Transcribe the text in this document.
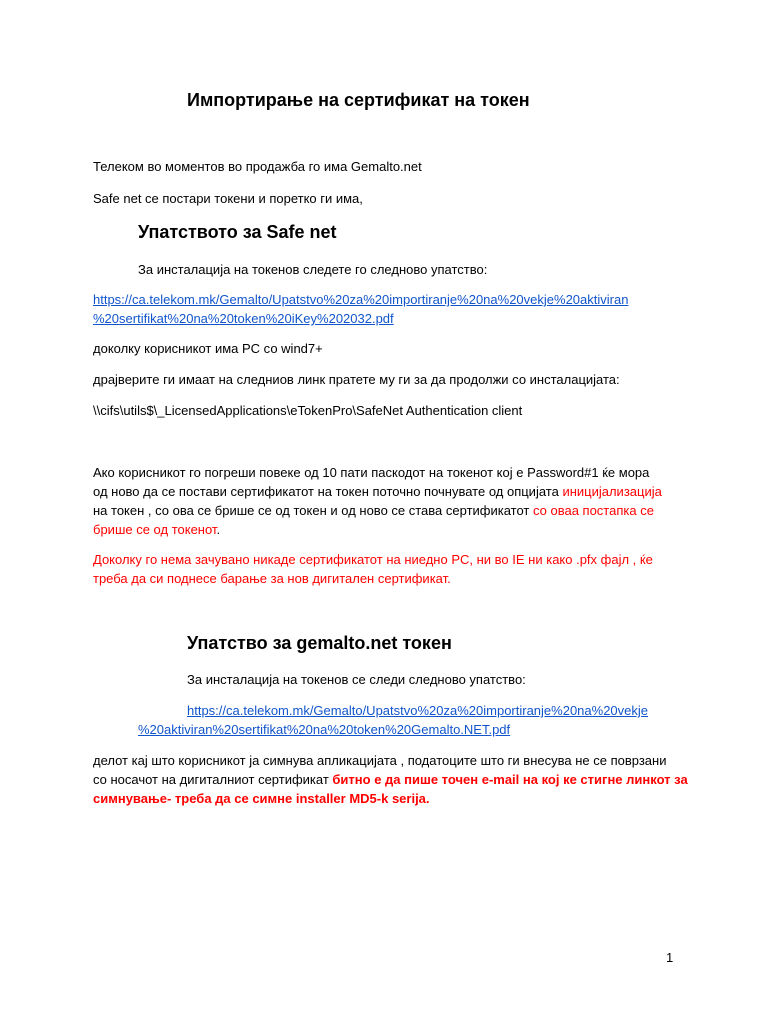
Импортирање на сертификат на токен
Телеком во моментов во продажба го има Gemalto.net
Safe net се постари токени и поретко ги има,
Упатството за Safe net
За инсталација на токенов следете го следново упатство:
https://ca.telekom.mk/Gemalto/Upatstvo%20za%20importiranje%20na%20vekje%20aktiviran
%20sertifikat%20na%20token%20iKey%202032.pdf
доколку корисникот има PC со wind7+
драјверите ги имаат на следниов линк пратете му ги за да продолжи со инсталацијата:
\\cifs\utils$\_LicensedApplications\eTokenPro\SafeNet Authentication client
Ако корисникот го погреши повеке од 10 пати паскодот на токенот кој е Password#1 ќе мора
од ново да се постави сертификатот на токен поточно почнувате од опцијата иницијализација
на токен , со ова се брише се од токен и од ново се става сертификатот со оваа постапка се
брише се од токенот.
Доколку го нема зачувано никаде сертификатот на ниедно PC, ни во IE ни како .pfx фајл , ќе
треба да си поднесе барање за нов дигитален сертификат.
Упатство за gemalto.net токен
За инсталација на токенов се следи следново упатство:
https://ca.telekom.mk/Gemalto/Upatstvo%20za%20importiranje%20na%20vekje
%20aktiviran%20sertifikat%20na%20token%20Gemalto.NET.pdf
делот кај што корисникот ја симнува апликацијата , податоците што ги внесува не се поврзани
со носачот на дигиталниот сертификат битно е да пише точен e-mail на кој ке стигне линкот за
симнување- треба да се симне installer MD5-k serija.
1
